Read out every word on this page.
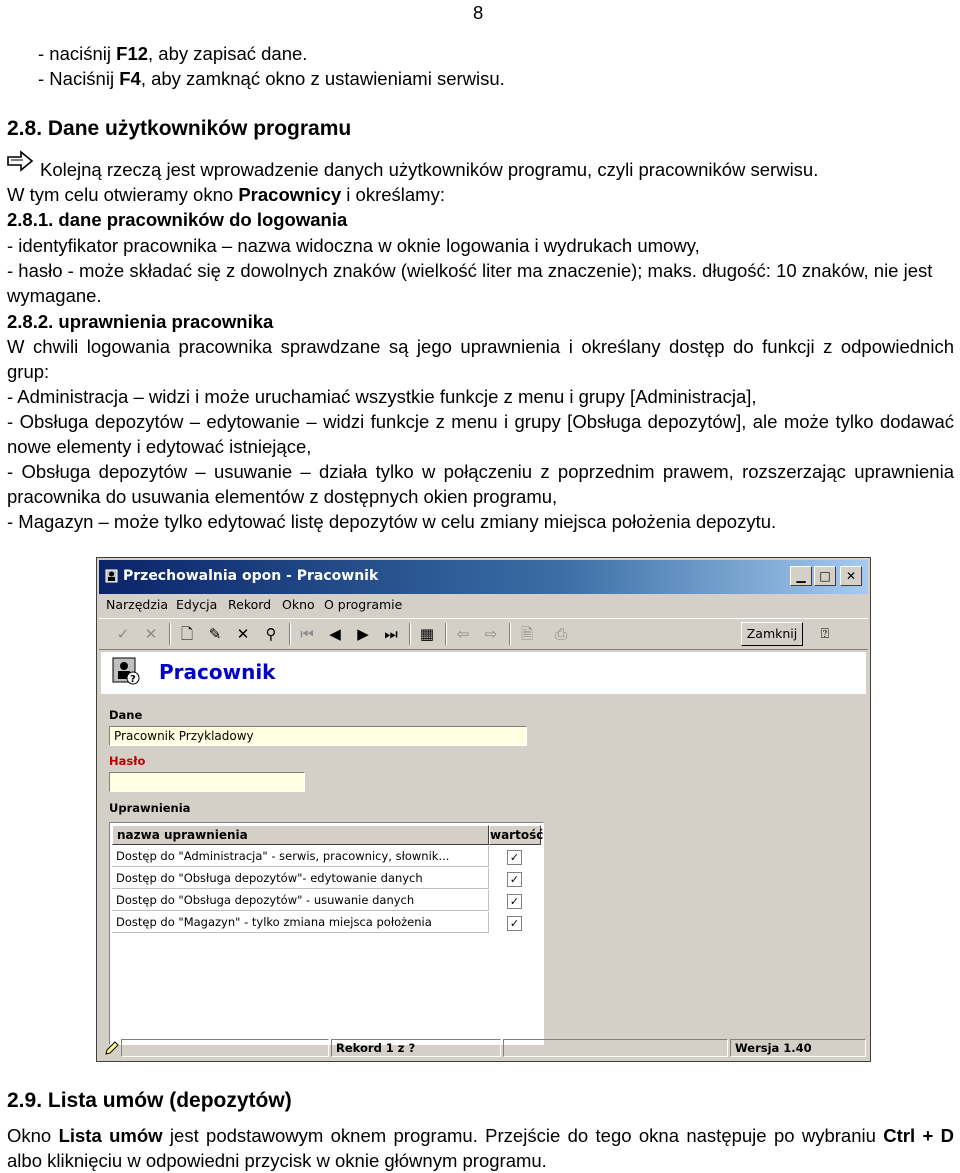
8
- naciśnij F12, aby zapisać dane.
- Naciśnij F4, aby zamknąć okno z ustawieniami serwisu.
2.8. Dane użytkowników programu
Kolejną rzeczą jest wprowadzenie danych użytkowników programu, czyli pracowników serwisu.
W tym celu otwieramy okno Pracownicy i określamy:
2.8.1. dane pracowników do logowania
- identyfikator pracownika – nazwa widoczna w oknie logowania i wydrukach umowy,
- hasło - może składać się z dowolnych znaków (wielkość liter ma znaczenie); maks. długość: 10 znaków, nie jest wymagane.
2.8.2. uprawnienia pracownika
W chwili logowania pracownika sprawdzane są jego uprawnienia i określany dostęp do funkcji z odpowiednich grup:
- Administracja – widzi i może uruchamiać wszystkie funkcje z menu i grupy [Administracja],
- Obsługa depozytów – edytowanie – widzi funkcje z menu i grupy [Obsługa depozytów], ale może tylko dodawać nowe elementy i edytować istniejące,
- Obsługa depozytów – usuwanie – działa tylko w połączeniu z poprzednim prawem, rozszerzając uprawnienia pracownika do usuwania elementów z dostępnych okien programu,
- Magazyn – może tylko edytować listę depozytów w celu zmiany miejsca położenia depozytu.
Przechowalnia opon - Pracownik	▁	□	✕
Narzędzia Edycja Rekord Okno O programie
✓	✕	🗋	✎	✕	⚲	⏮	◀	▶	⏭	▦	⇦	⇨	🗎	⎙	Zamknij	⍰
? Pracownik
Dane
Pracownik Przykladowy
Hasło
Uprawnienia
nazwa uprawnienia	wartość
Dostęp do "Administracja" - serwis, pracownicy, słownik...	✓
Dostęp do "Obsługa depozytów"- edytowanie danych	✓
Dostęp do "Obsługa depozytów" - usuwanie danych	✓
Dostęp do "Magazyn" - tylko zmiana miejsca położenia	✓
Rekord 1 z ?	Wersja 1.40
2.9. Lista umów (depozytów)
Okno Lista umów jest podstawowym oknem programu. Przejście do tego okna następuje po wybraniu Ctrl + D albo kliknięciu w odpowiedni przycisk w oknie głównym programu.
